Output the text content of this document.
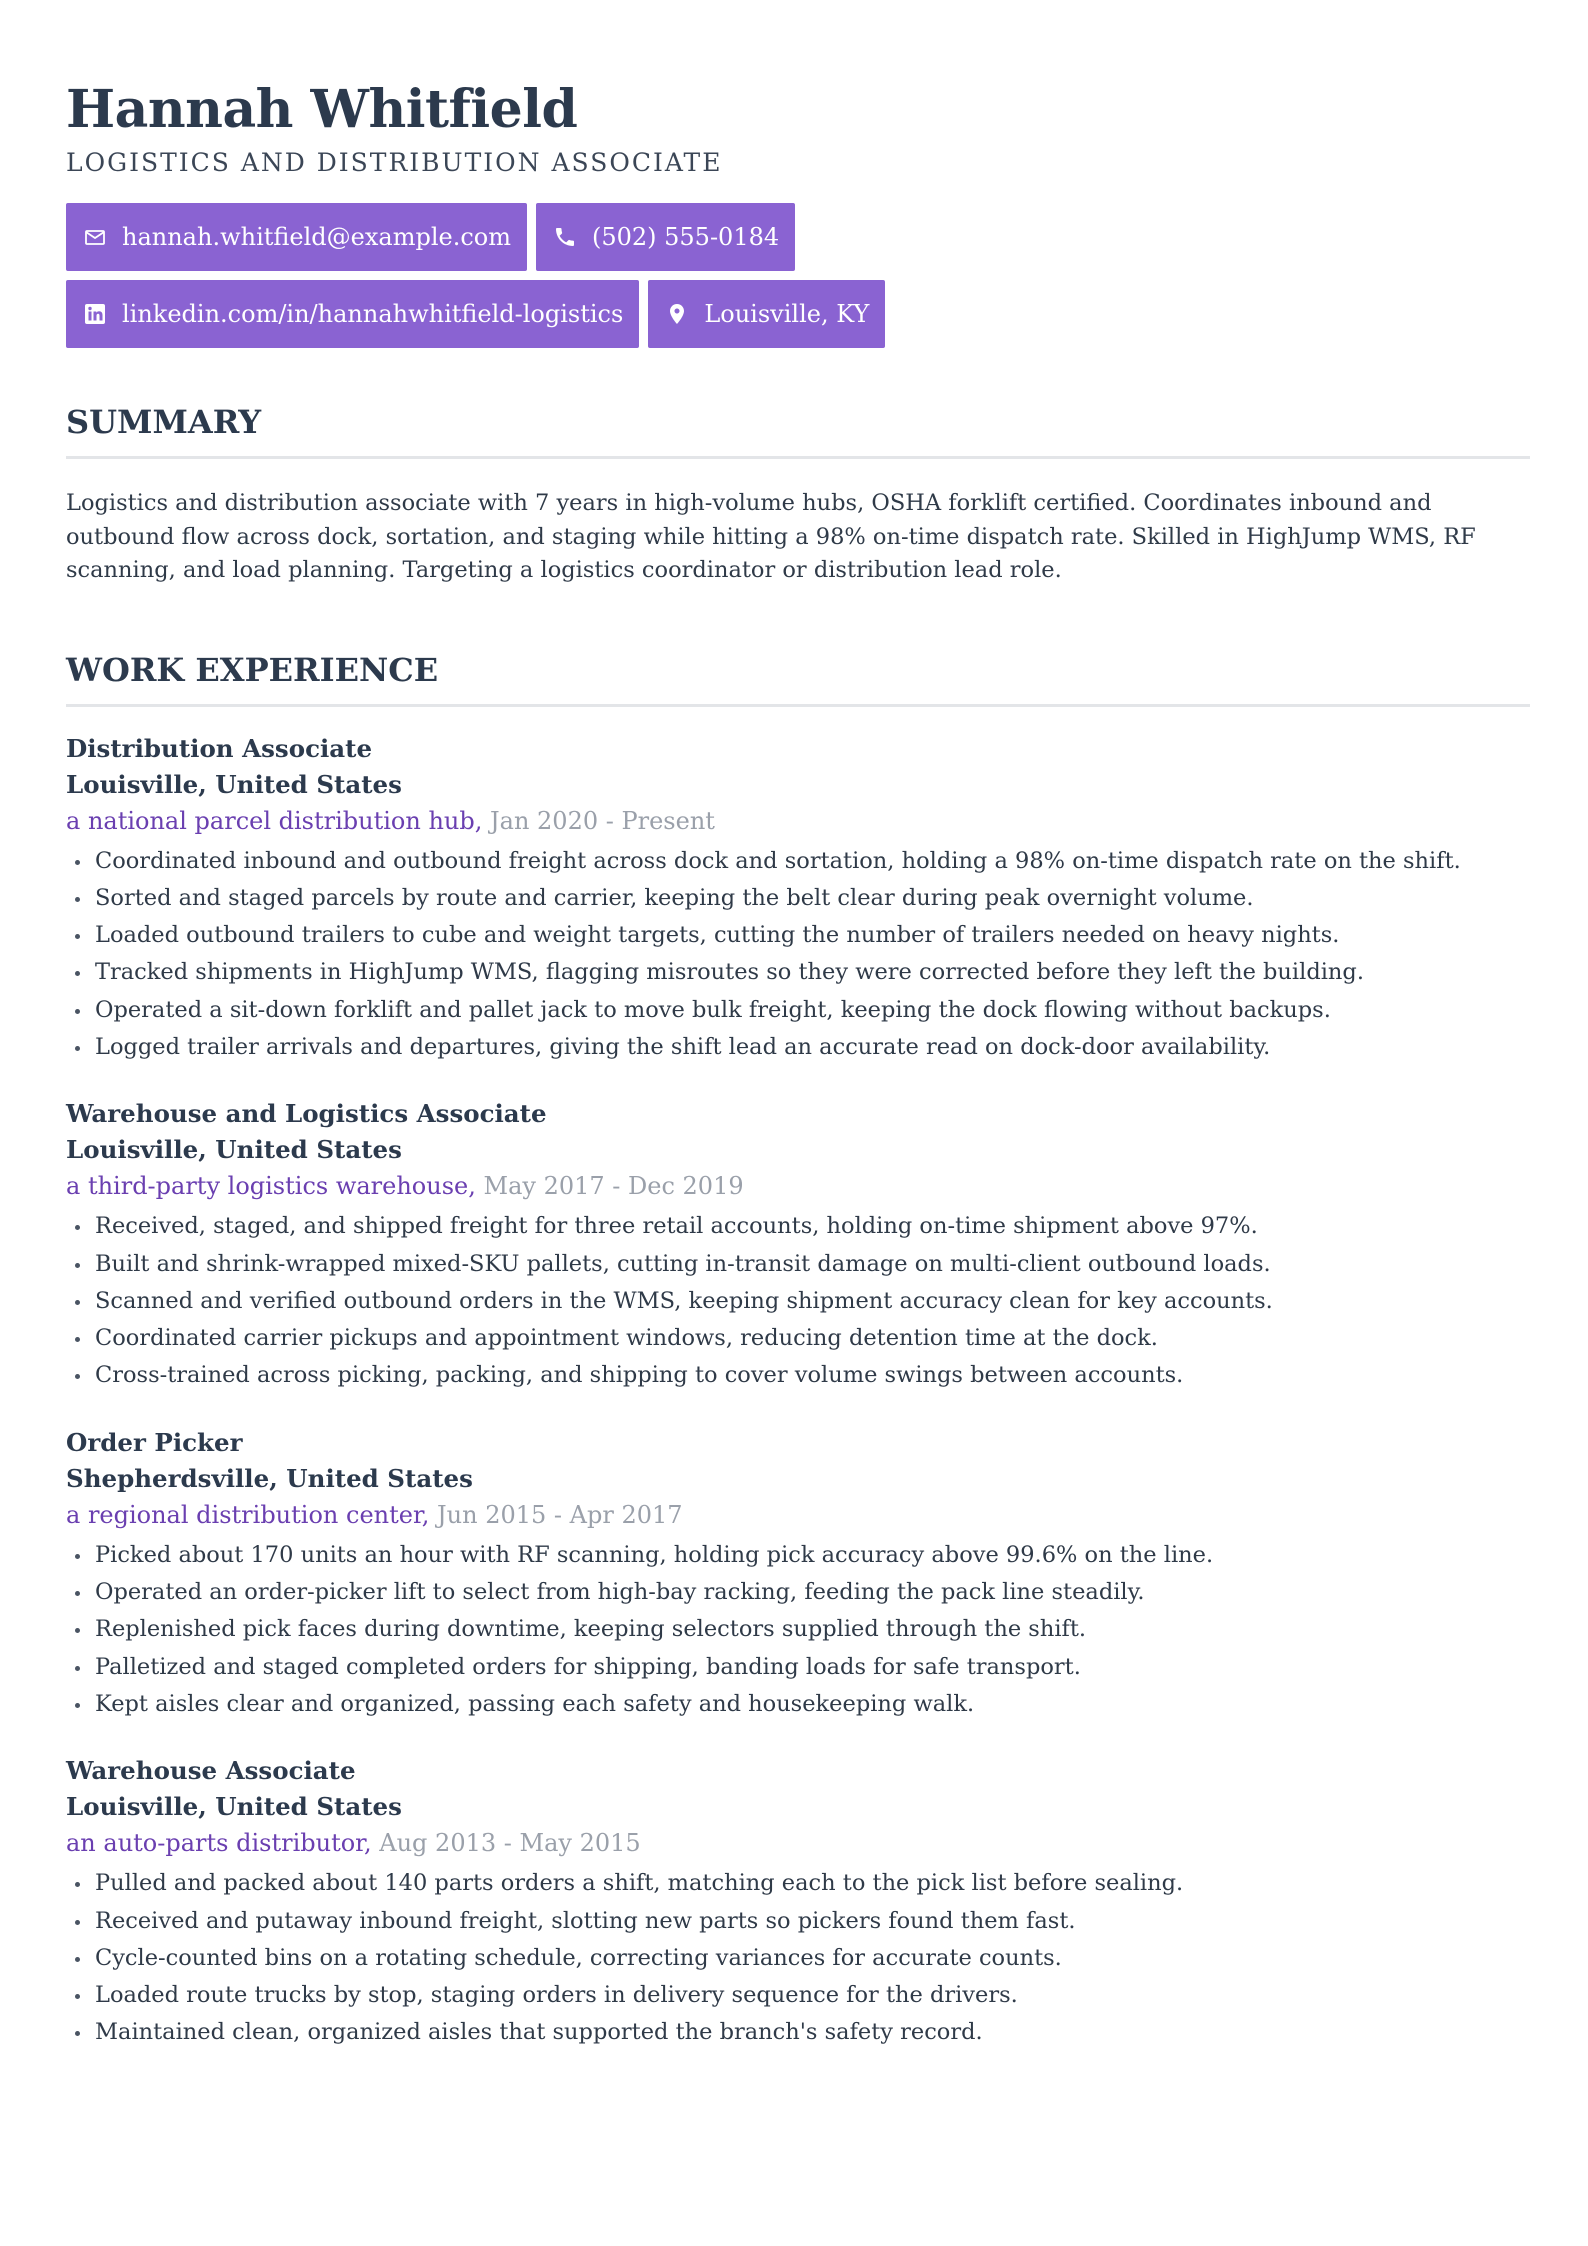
Hannah Whitfield
LOGISTICS AND DISTRIBUTION ASSOCIATE
hannah.whitfield@example.com	(502) 555-0184
linkedin.com/in/hannahwhitfield-logistics	Louisville, KY
SUMMARY
Logistics and distribution associate with 7 years in high-volume hubs, OSHA forklift certified. Coordinates inbound and outbound flow across dock, sortation, and staging while hitting a 98% on-time dispatch rate. Skilled in HighJump WMS, RF scanning, and load planning. Targeting a logistics coordinator or distribution lead role.
WORK EXPERIENCE
Distribution Associate
Louisville, United States
a national parcel distribution hub, Jan 2020 - Present
Coordinated inbound and outbound freight across dock and sortation, holding a 98% on-time dispatch rate on the shift.
Sorted and staged parcels by route and carrier, keeping the belt clear during peak overnight volume.
Loaded outbound trailers to cube and weight targets, cutting the number of trailers needed on heavy nights.
Tracked shipments in HighJump WMS, flagging misroutes so they were corrected before they left the building.
Operated a sit-down forklift and pallet jack to move bulk freight, keeping the dock flowing without backups.
Logged trailer arrivals and departures, giving the shift lead an accurate read on dock-door availability.
Warehouse and Logistics Associate
Louisville, United States
a third-party logistics warehouse, May 2017 - Dec 2019
Received, staged, and shipped freight for three retail accounts, holding on-time shipment above 97%.
Built and shrink-wrapped mixed-SKU pallets, cutting in-transit damage on multi-client outbound loads.
Scanned and verified outbound orders in the WMS, keeping shipment accuracy clean for key accounts.
Coordinated carrier pickups and appointment windows, reducing detention time at the dock.
Cross-trained across picking, packing, and shipping to cover volume swings between accounts.
Order Picker
Shepherdsville, United States
a regional distribution center, Jun 2015 - Apr 2017
Picked about 170 units an hour with RF scanning, holding pick accuracy above 99.6% on the line.
Operated an order-picker lift to select from high-bay racking, feeding the pack line steadily.
Replenished pick faces during downtime, keeping selectors supplied through the shift.
Palletized and staged completed orders for shipping, banding loads for safe transport.
Kept aisles clear and organized, passing each safety and housekeeping walk.
Warehouse Associate
Louisville, United States
an auto-parts distributor, Aug 2013 - May 2015
Pulled and packed about 140 parts orders a shift, matching each to the pick list before sealing.
Received and putaway inbound freight, slotting new parts so pickers found them fast.
Cycle-counted bins on a rotating schedule, correcting variances for accurate counts.
Loaded route trucks by stop, staging orders in delivery sequence for the drivers.
Maintained clean, organized aisles that supported the branch's safety record.
